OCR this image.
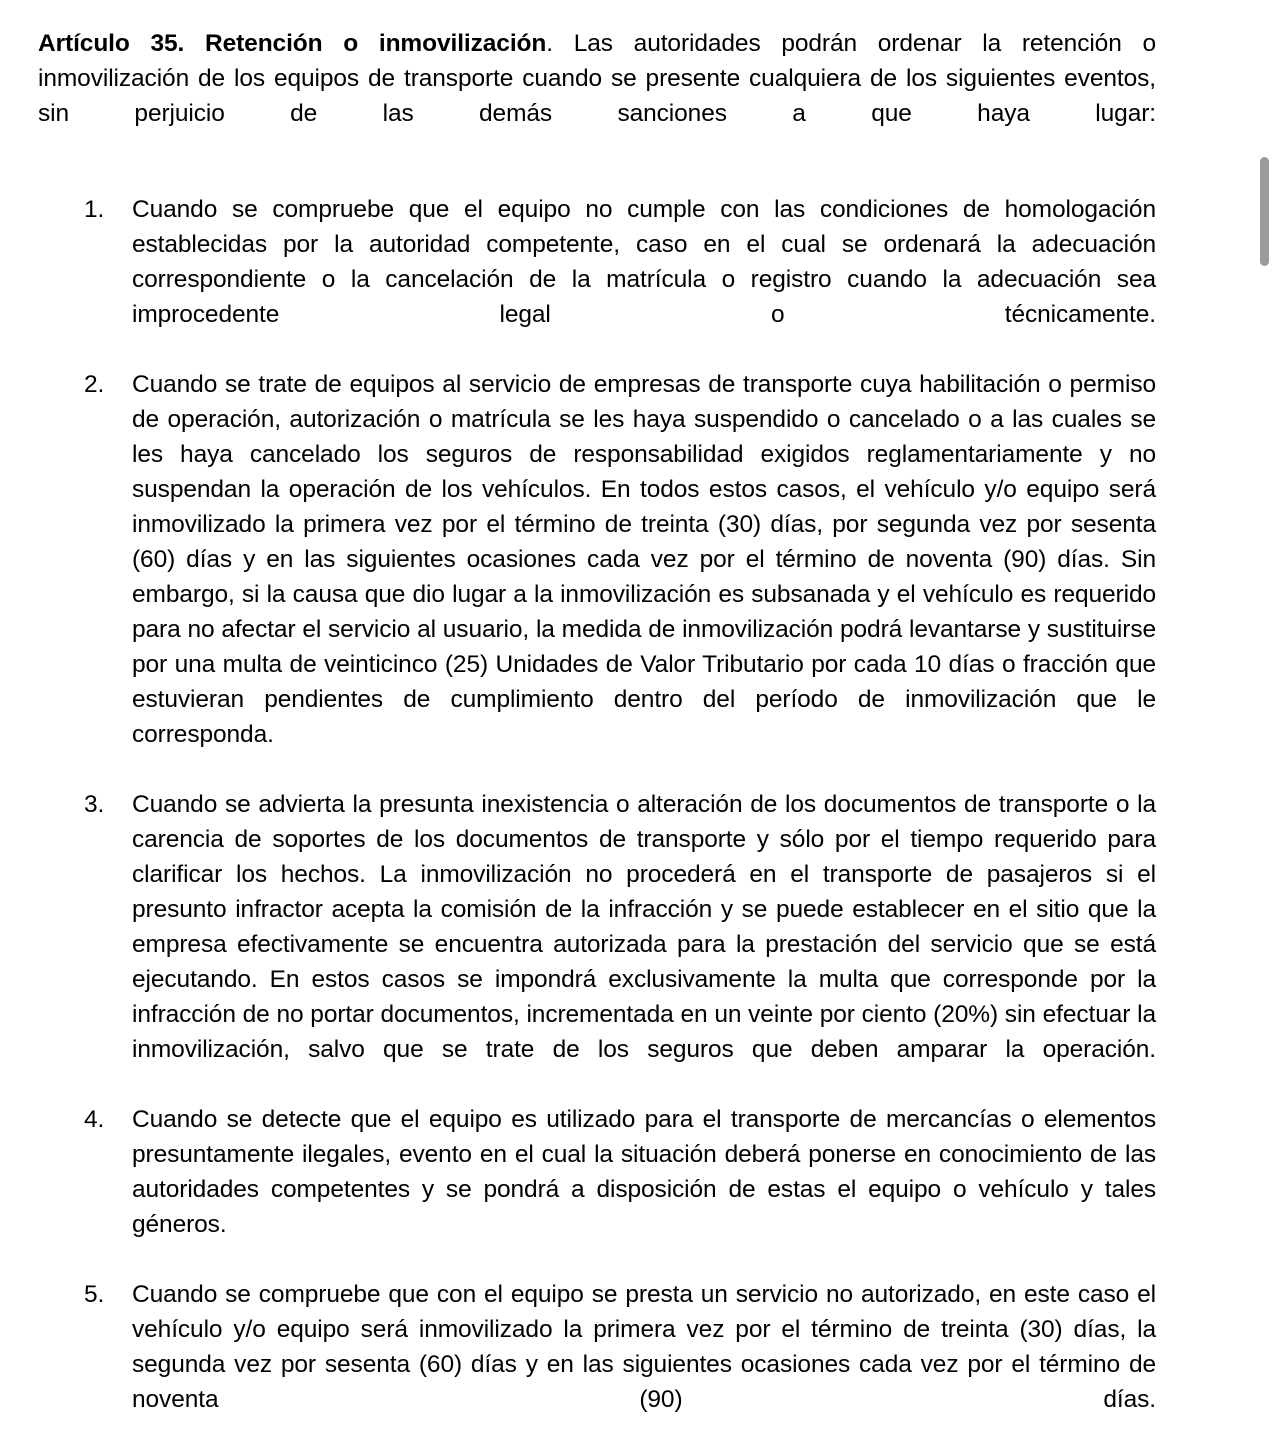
Artículo 35. Retención o inmovilización. Las autoridades podrán ordenar la retención o inmovilización de los equipos de transporte cuando se presente cualquiera de los siguientes eventos, sin perjuicio de las demás sanciones a que haya lugar:

1.	Cuando se compruebe que el equipo no cumple con las condiciones de homologación establecidas por la autoridad competente, caso en el cual se ordenará la adecuación correspondiente o la cancelación de la matrícula o registro cuando la adecuación sea improcedente legal o técnicamente.
2.	Cuando se trate de equipos al servicio de empresas de transporte cuya habilitación o permiso de operación, autorización o matrícula se les haya suspendido o cancelado o a las cuales se les haya cancelado los seguros de responsabilidad exigidos reglamentariamente y no suspendan la operación de los vehículos. En todos estos casos, el vehículo y/o equipo será inmovilizado la primera vez por el término de treinta (30) días, por segunda vez por sesenta (60) días y en las siguientes ocasiones cada vez por el término de noventa (90) días. Sin embargo, si la causa que dio lugar a la inmovilización es subsanada y el vehículo es requerido para no afectar el servicio al usuario, la medida de inmovilización podrá levantarse y sustituirse por una multa de veinticinco (25) Unidades de Valor Tributario por cada 10 días o fracción que estuvieran pendientes de cumplimiento dentro del período de inmovilización que le corresponda.
3.	Cuando se advierta la presunta inexistencia o alteración de los documentos de transporte o la carencia de soportes de los documentos de transporte y sólo por el tiempo requerido para clarificar los hechos. La inmovilización no procederá en el transporte de pasajeros si el presunto infractor acepta la comisión de la infracción y se puede establecer en el sitio que la empresa efectivamente se encuentra autorizada para la prestación del servicio que se está ejecutando. En estos casos se impondrá exclusivamente la multa que corresponde por la infracción de no portar documentos, incrementada en un veinte por ciento (20%) sin efectuar la inmovilización, salvo que se trate de los seguros que deben amparar la operación.
4.	Cuando se detecte que el equipo es utilizado para el transporte de mercancías o elementos presuntamente ilegales, evento en el cual la situación deberá ponerse en conocimiento de las autoridades competentes y se pondrá a disposición de estas el equipo o vehículo y tales géneros.
5.	Cuando se compruebe que con el equipo se presta un servicio no autorizado, en este caso el vehículo y/o equipo será inmovilizado la primera vez por el término de treinta (30) días, la segunda vez por sesenta (60) días y en las siguientes ocasiones cada vez por el término de noventa (90) días.
